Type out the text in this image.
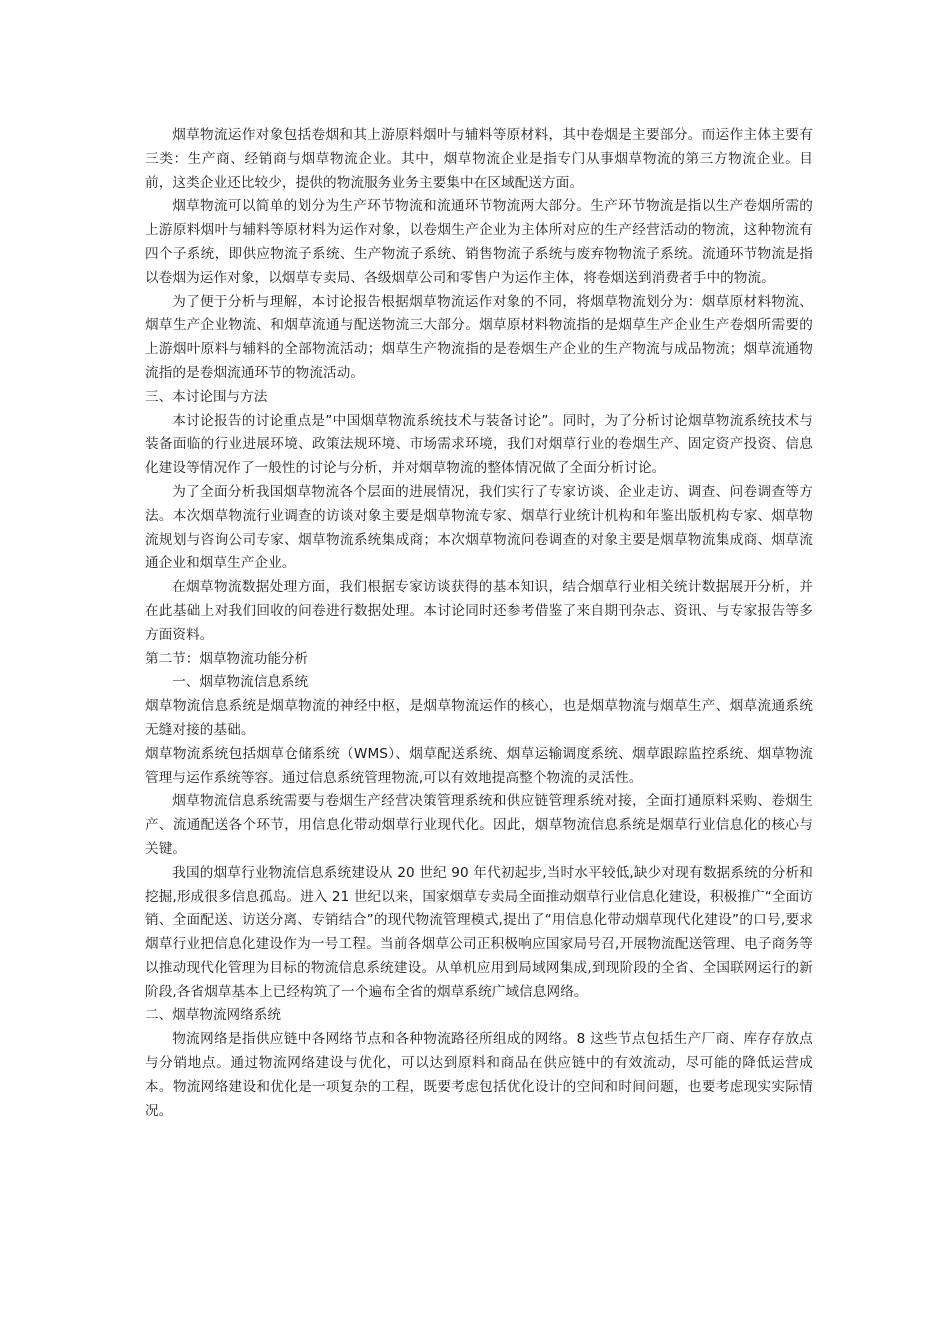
烟草物流运作对象包括卷烟和其上游原料烟叶与辅料等原材料，其中卷烟是主要部分。而运作主体主要有三类：生产商、经销商与烟草物流企业。其中，烟草物流企业是指专门从事烟草物流的第三方物流企业。目前，这类企业还比较少，提供的物流服务业务主要集中在区域配送方面。

烟草物流可以简单的划分为生产环节物流和流通环节物流两大部分。生产环节物流是指以生产卷烟所需的上游原料烟叶与辅料等原材料为运作对象，以卷烟生产企业为主体所对应的生产经营活动的物流，这种物流有四个子系统，即供应物流子系统、生产物流子系统、销售物流子系统与废弃物物流子系统。流通环节物流是指以卷烟为运作对象，以烟草专卖局、各级烟草公司和零售户为运作主体，将卷烟送到消费者手中的物流。

为了便于分析与理解，本讨论报告根据烟草物流运作对象的不同，将烟草物流划分为：烟草原材料物流、烟草生产企业物流、和烟草流通与配送物流三大部分。烟草原材料物流指的是烟草生产企业生产卷烟所需要的上游烟叶原料与辅料的全部物流活动；烟草生产物流指的是卷烟生产企业的生产物流与成品物流；烟草流通物流指的是卷烟流通环节的物流活动。

三、本讨论围与方法

本讨论报告的讨论重点是”中国烟草物流系统技术与装备讨论”。同时，为了分析讨论烟草物流系统技术与装备面临的行业进展环境、政策法规环境、市场需求环境，我们对烟草行业的卷烟生产、固定资产投资、信息化建设等情况作了一般性的讨论与分析，并对烟草物流的整体情况做了全面分析讨论。

为了全面分析我国烟草物流各个层面的进展情况，我们实行了专家访谈、企业走访、调查、问卷调查等方法。本次烟草物流行业调查的访谈对象主要是烟草物流专家、烟草行业统计机构和年鉴出版机构专家、烟草物流规划与咨询公司专家、烟草物流系统集成商；本次烟草物流问卷调查的对象主要是烟草物流集成商、烟草流通企业和烟草生产企业。

在烟草物流数据处理方面，我们根据专家访谈获得的基本知识，结合烟草行业相关统计数据展开分析，并在此基础上对我们回收的问卷进行数据处理。本讨论同时还参考借鉴了来自期刊杂志、资讯、与专家报告等多方面资料。

第二节：烟草物流功能分析

一、烟草物流信息系统

烟草物流信息系统是烟草物流的神经中枢，是烟草物流运作的核心，也是烟草物流与烟草生产、烟草流通系统无缝对接的基础。

烟草物流系统包括烟草仓储系统（WMS）、烟草配送系统、烟草运输调度系统、烟草跟踪监控系统、烟草物流管理与运作系统等容。通过信息系统管理物流,可以有效地提高整个物流的灵活性。

烟草物流信息系统需要与卷烟生产经营决策管理系统和供应链管理系统对接，全面打通原料采购、卷烟生产、流通配送各个环节，用信息化带动烟草行业现代化。因此，烟草物流信息系统是烟草行业信息化的核心与关键。

我国的烟草行业物流信息系统建设从 20 世纪 90 年代初起步,当时水平较低,缺少对现有数据系统的分析和挖掘,形成很多信息孤岛。进入 21 世纪以来，国家烟草专卖局全面推动烟草行业信息化建设，积极推广“全面访销、全面配送、访送分离、专销结合”的现代物流管理模式,提出了“用信息化带动烟草现代化建设”的口号,要求烟草行业把信息化建设作为一号工程。当前各烟草公司正积极响应国家局号召,开展物流配送管理、电子商务等以推动现代化管理为目标的物流信息系统建设。从单机应用到局域网集成,到现阶段的全省、全国联网运行的新阶段,各省烟草基本上已经构筑了一个遍布全省的烟草系统广域信息网络。

二、烟草物流网络系统

物流网络是指供应链中各网络节点和各种物流路径所组成的网络。8 这些节点包括生产厂商、库存存放点与分销地点。通过物流网络建设与优化，可以达到原料和商品在供应链中的有效流动，尽可能的降低运营成本。物流网络建设和优化是一项复杂的工程，既要考虑包括优化设计的空间和时间问题，也要考虑现实实际情况。
